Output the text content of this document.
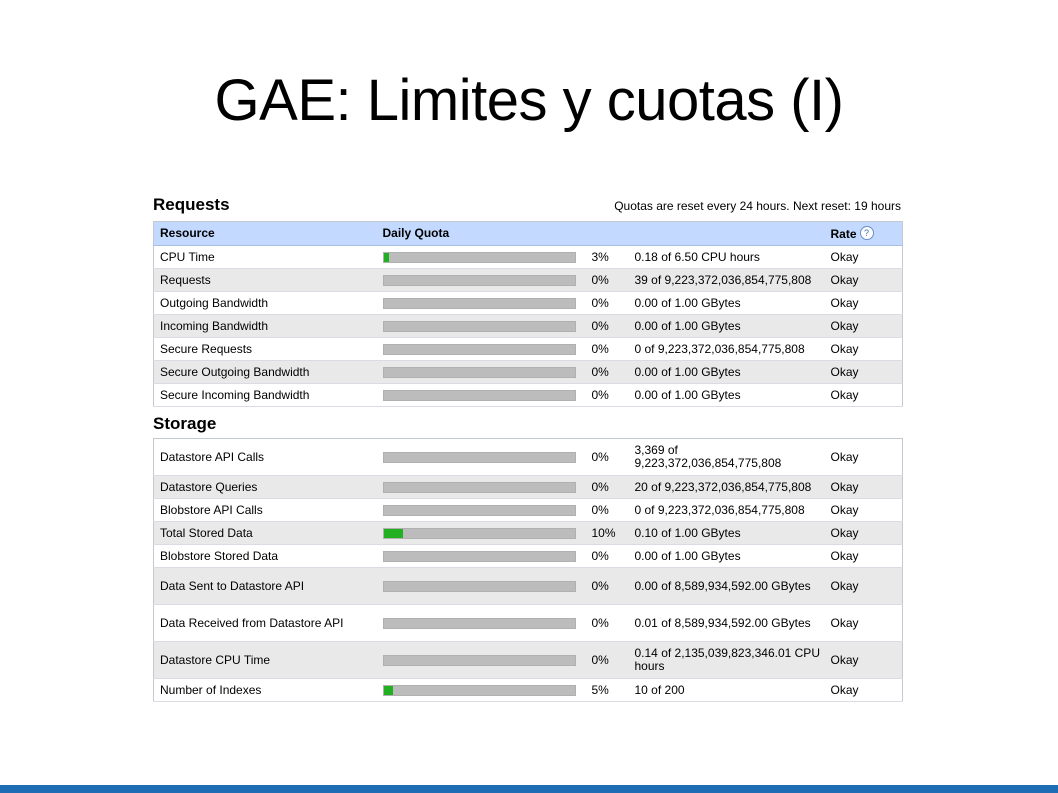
GAE: Limites y cuotas (I)
Requests	Quotas are reset every 24 hours. Next reset: 19 hours
Resource	Daily Quota			Rate ?
CPU Time		3%	0.18 of 6.50 CPU hours	Okay
Requests		0%	39 of 9,223,372,036,854,775,808	Okay
Outgoing Bandwidth		0%	0.00 of 1.00 GBytes	Okay
Incoming Bandwidth		0%	0.00 of 1.00 GBytes	Okay
Secure Requests		0%	0 of 9,223,372,036,854,775,808	Okay
Secure Outgoing Bandwidth		0%	0.00 of 1.00 GBytes	Okay
Secure Incoming Bandwidth		0%	0.00 of 1.00 GBytes	Okay
Storage
Datastore API Calls		0%	3,369 of 9,223,372,036,854,775,808	Okay
Datastore Queries		0%	20 of 9,223,372,036,854,775,808	Okay
Blobstore API Calls		0%	0 of 9,223,372,036,854,775,808	Okay
Total Stored Data		10%	0.10 of 1.00 GBytes	Okay
Blobstore Stored Data		0%	0.00 of 1.00 GBytes	Okay
Data Sent to Datastore API		0%	0.00 of 8,589,934,592.00 GBytes	Okay
Data Received from Datastore API		0%	0.01 of 8,589,934,592.00 GBytes	Okay
Datastore CPU Time		0%	0.14 of 2,135,039,823,346.01 CPU hours	Okay
Number of Indexes		5%	10 of 200	Okay
